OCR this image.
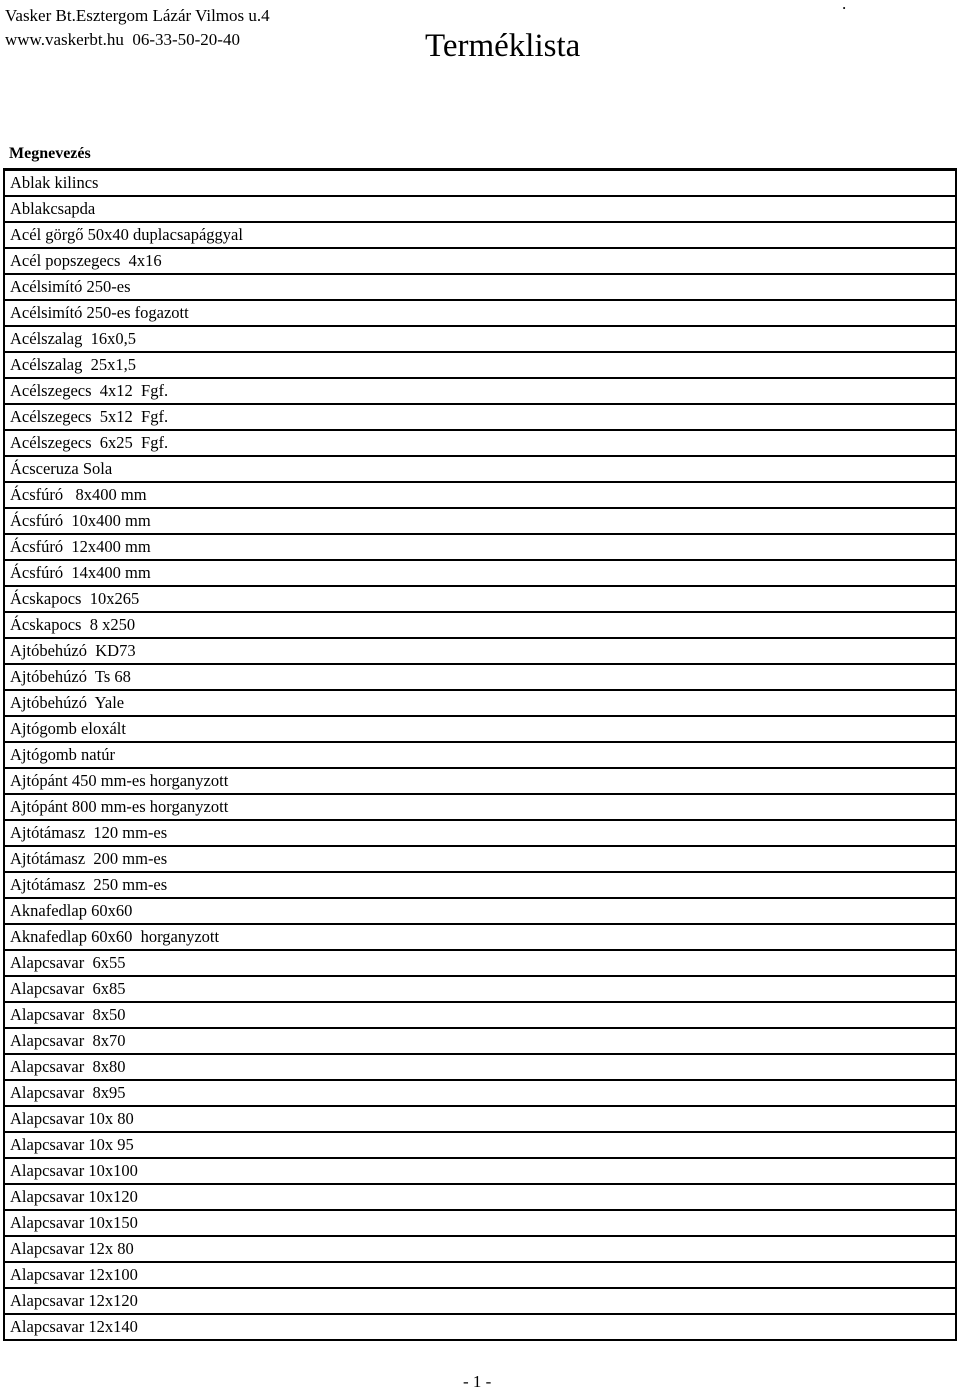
Vasker Bt.Esztergom Lázár Vilmos u.4
www.vaskerbt.hu  06-33-50-20-40	Terméklista
.
Megnevezés
Ablak kilincs
Ablakcsapda
Acél görgő 50x40 duplacsapággyal
Acél popszegecs  4x16
Acélsimító 250-es
Acélsimító 250-es fogazott
Acélszalag  16x0,5
Acélszalag  25x1,5
Acélszegecs  4x12  Fgf.
Acélszegecs  5x12  Fgf.
Acélszegecs  6x25  Fgf.
Ácsceruza Sola
Ácsfúró   8x400 mm
Ácsfúró  10x400 mm
Ácsfúró  12x400 mm
Ácsfúró  14x400 mm
Ácskapocs  10x265
Ácskapocs  8 x250
Ajtóbehúzó  KD73
Ajtóbehúzó  Ts 68
Ajtóbehúzó  Yale
Ajtógomb eloxált
Ajtógomb natúr
Ajtópánt 450 mm-es horganyzott
Ajtópánt 800 mm-es horganyzott
Ajtótámasz  120 mm-es
Ajtótámasz  200 mm-es
Ajtótámasz  250 mm-es
Aknafedlap 60x60
Aknafedlap 60x60  horganyzott
Alapcsavar  6x55
Alapcsavar  6x85
Alapcsavar  8x50
Alapcsavar  8x70
Alapcsavar  8x80
Alapcsavar  8x95
Alapcsavar 10x 80
Alapcsavar 10x 95
Alapcsavar 10x100
Alapcsavar 10x120
Alapcsavar 10x150
Alapcsavar 12x 80
Alapcsavar 12x100
Alapcsavar 12x120
Alapcsavar 12x140
- 1 -
